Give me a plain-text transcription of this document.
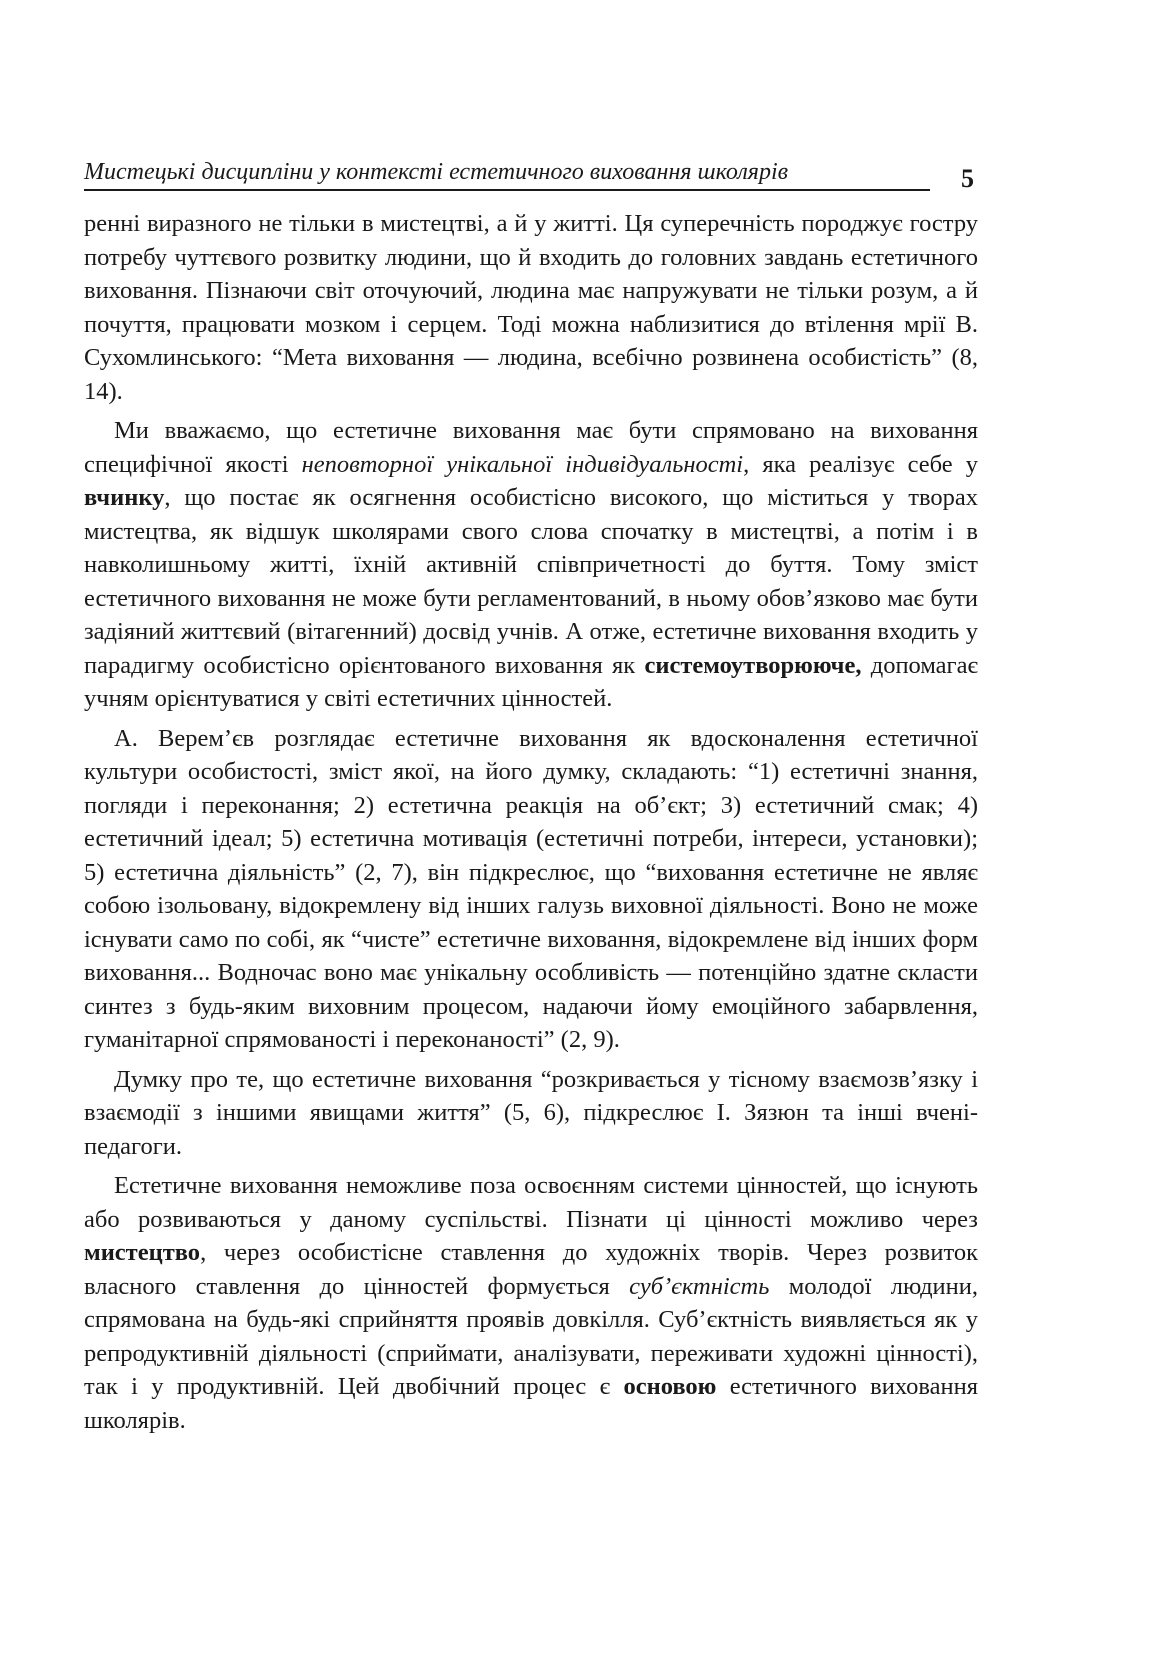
Мистецькі дисципліни у контексті естетичного виховання школярів	5

ренні виразного не тільки в мистецтві, а й у житті. Ця суперечність породжує гостру потребу чуттєвого розвитку людини, що й входить до головних завдань естетичного виховання. Пізнаючи світ оточуючий, людина має напружувати не тільки розум, а й почуття, працювати мозком і серцем. Тоді можна наблизитися до втілення мрії В. Сухомлинського: “Мета виховання — людина, всебічно розвинена особистість” (8, 14).

Ми вважаємо, що естетичне виховання має бути спрямовано на виховання специфічної якості неповторної унікальної індивідуальності, яка реалізує себе у вчинку, що постає як осягнення особистісно високого, що міститься у творах мистецтва, як відшук школярами свого слова спочатку в мистецтві, а потім і в навколишньому житті, їхній активній співпричетності до буття. Тому зміст естетичного виховання не може бути регламентований, в ньому обов’язково має бути задіяний життєвий (вітагенний) досвід учнів. А отже, естетичне виховання входить у парадигму особистісно орієнтованого виховання як системоутворююче, допомагає учням орієнтуватися у світі естетичних цінностей.

А. Верем’єв розглядає естетичне виховання як вдосконалення естетичної культури особистості, зміст якої, на його думку, складають: “1) естетичні знання, погляди і переконання; 2) естетична реакція на об’єкт; 3) естетичний смак; 4) естетичний ідеал; 5) естетична мотивація (естетичні потреби, інтереси, установки); 5) естетична діяльність” (2, 7), він підкреслює, що “виховання естетичне не являє собою ізольовану, відокремлену від інших галузь виховної діяльності. Воно не може існувати само по собі, як “чисте” естетичне виховання, відокремлене від інших форм виховання... Водночас воно має унікальну особливість — потенційно здатне скласти синтез з будь-яким виховним процесом, надаючи йому емоційного забарвлення, гуманітарної спрямованості і переконаності” (2, 9).

Думку про те, що естетичне виховання “розкривається у тісному взаємозв’язку і взаємодії з іншими явищами життя” (5, 6), підкреслює І. Зязюн та інші вчені-педагоги.

Естетичне виховання неможливе поза освоєнням системи цінностей, що існують або розвиваються у даному суспільстві. Пізнати ці цінності можливо через мистецтво, через особистісне ставлення до художніх творів. Через розвиток власного ставлення до цінностей формується суб’єктність молодої людини, спрямована на будь-які сприйняття проявів довкілля. Суб’єктність виявляється як у репродуктивній діяльності (сприймати, аналізувати, переживати художні цінності), так і у продуктивній. Цей двобічний процес є основою естетичного виховання школярів.
